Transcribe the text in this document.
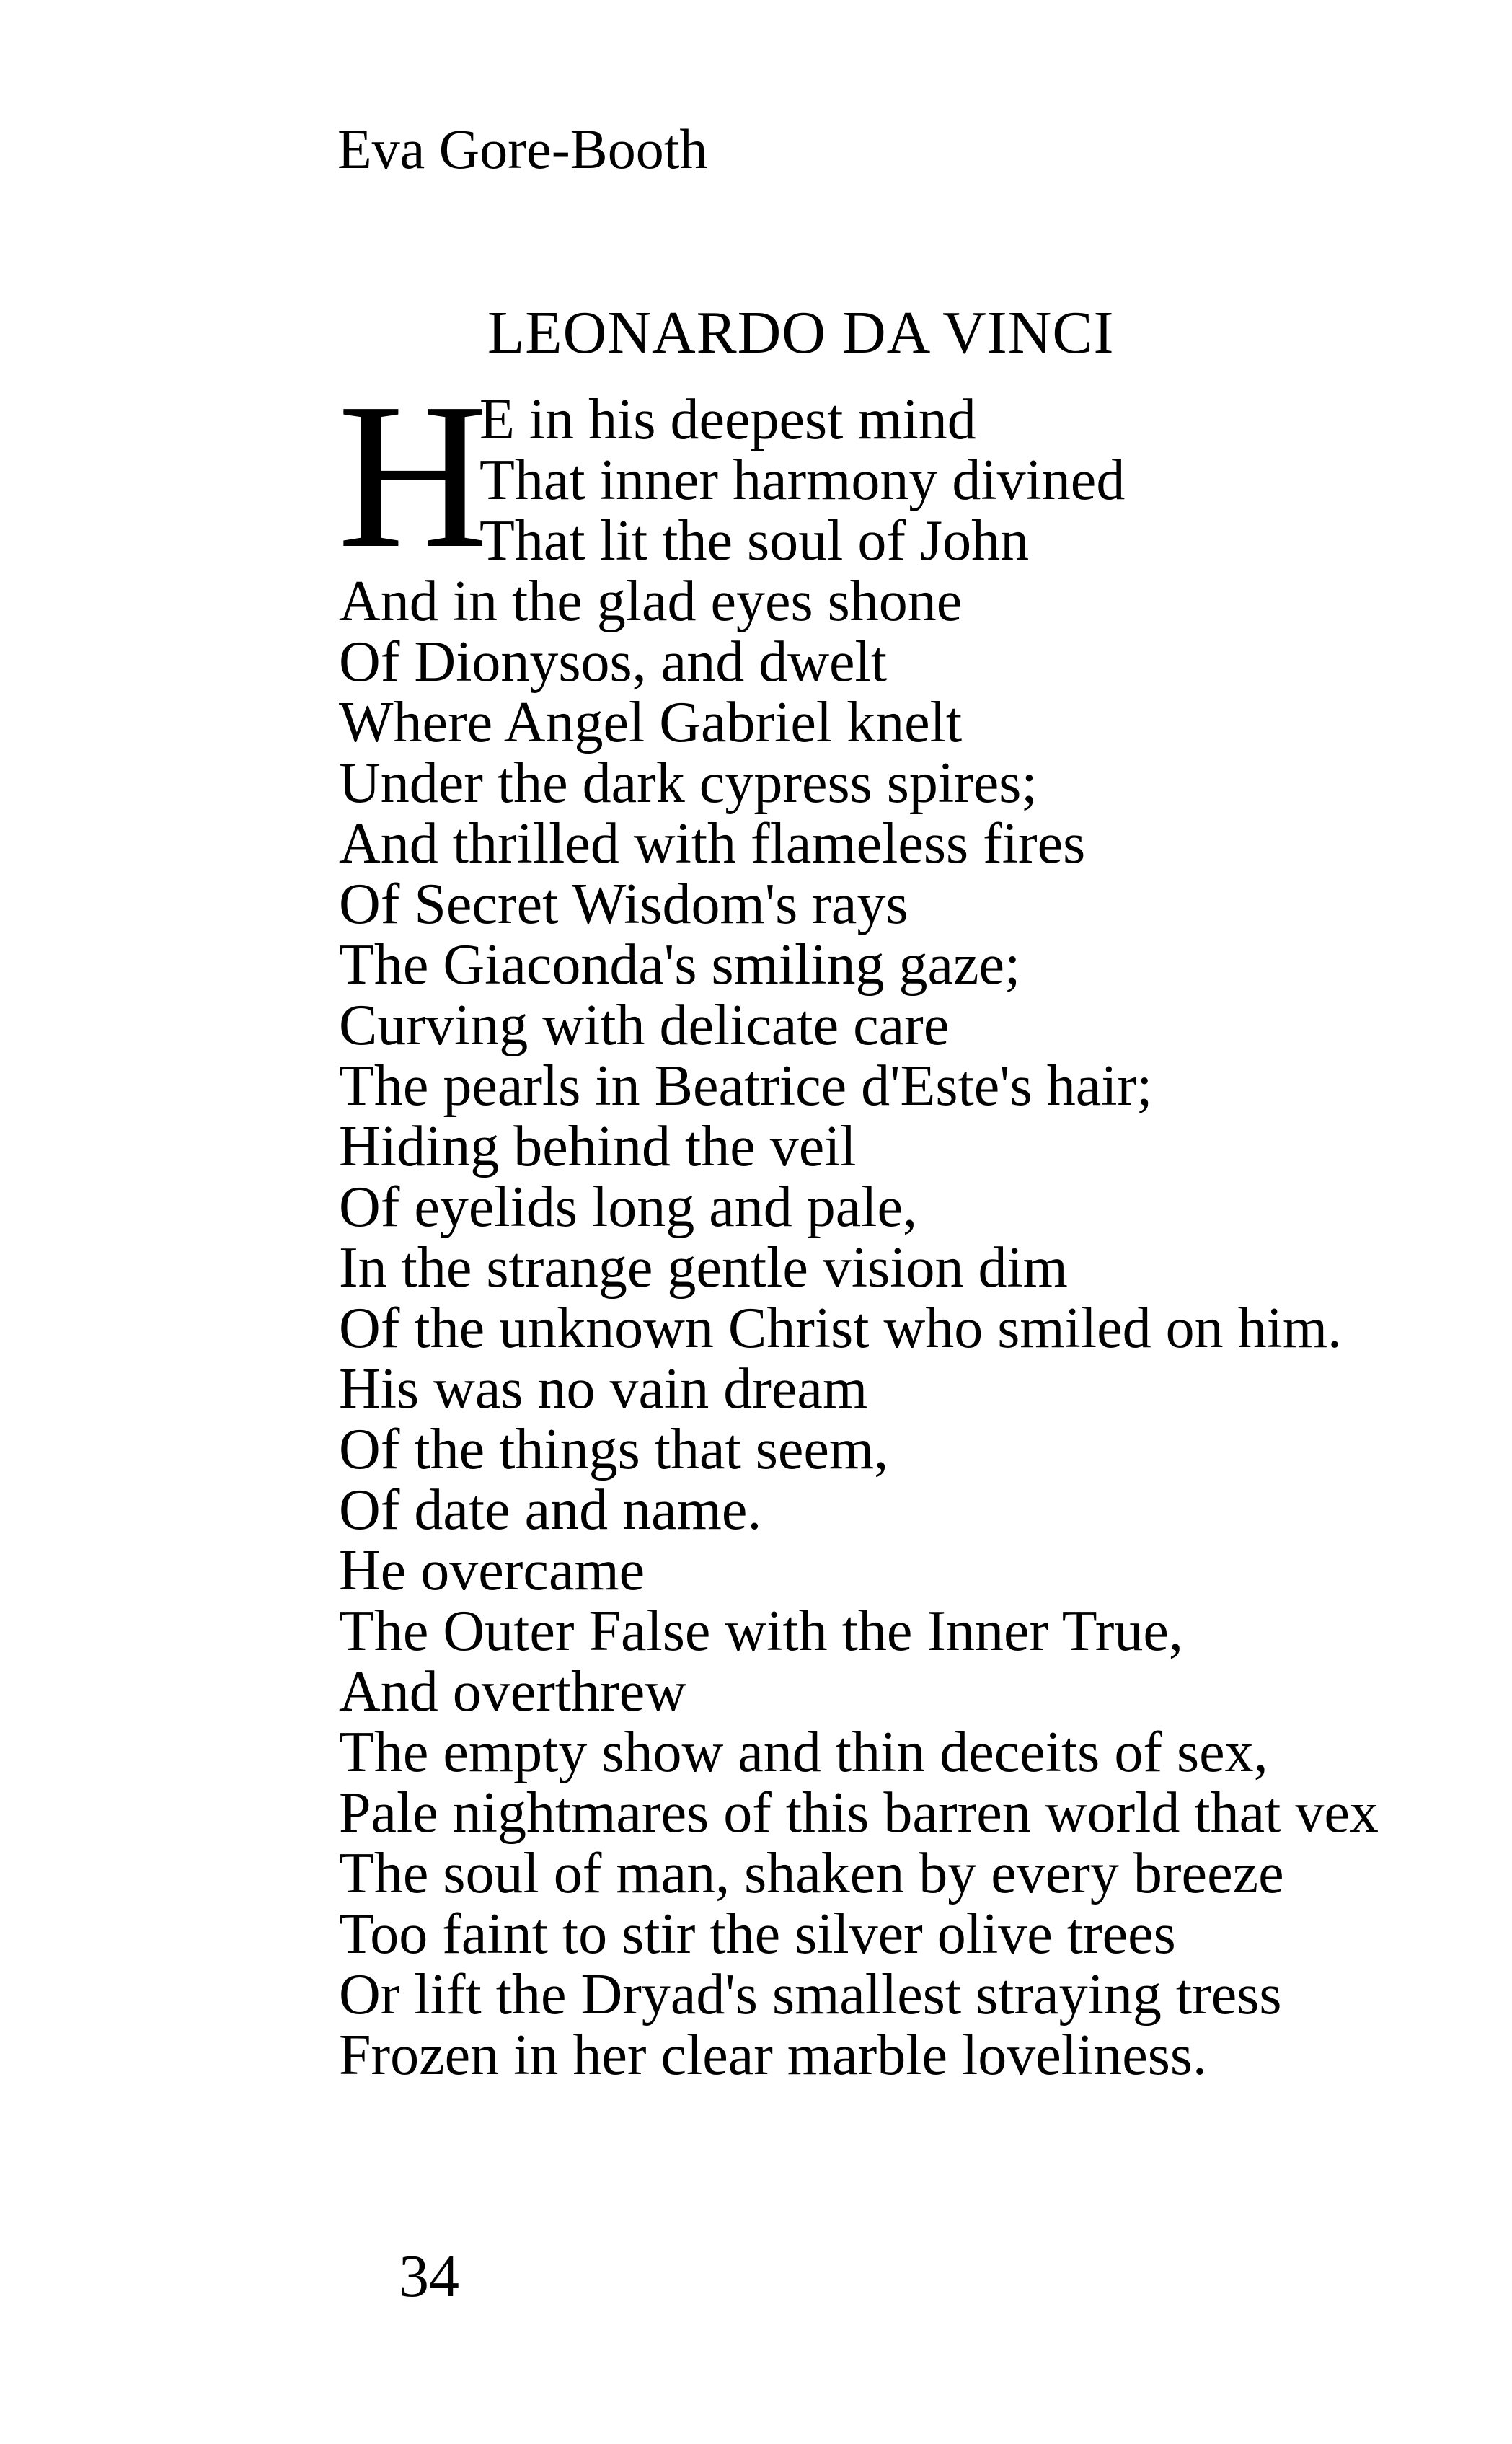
Eva Gore-Booth
LEONARDO DA VINCI
H
E in his deepest mind
That inner harmony divined
That lit the soul of John
And in the glad eyes shone
Of Dionysos, and dwelt
Where Angel Gabriel knelt
Under the dark cypress spires;
And thrilled with flameless fires
Of Secret Wisdom's rays
The Giaconda's smiling gaze;
Curving with delicate care
The pearls in Beatrice d'Este's hair;
Hiding behind the veil
Of eyelids long and pale,
In the strange gentle vision dim
Of the unknown Christ who smiled on him.
His was no vain dream
Of the things that seem,
Of date and name.
He overcame
The Outer False with the Inner True,
And overthrew
The empty show and thin deceits of sex,
Pale nightmares of this barren world that vex
The soul of man, shaken by every breeze
Too faint to stir the silver olive trees
Or lift the Dryad's smallest straying tress
Frozen in her clear marble loveliness.
34
